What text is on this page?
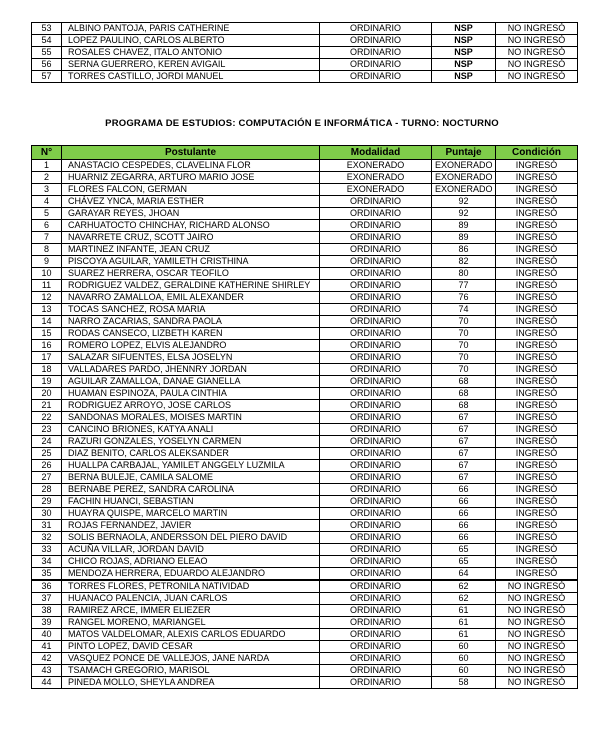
53	ALBINO PANTOJA, PARIS CATHERINE	ORDINARIO	NSP	NO INGRESÓ
54	LOPEZ PAULINO, CARLOS ALBERTO	ORDINARIO	NSP	NO INGRESÓ
55	ROSALES CHAVEZ, ITALO ANTONIO	ORDINARIO	NSP	NO INGRESÓ
56	SERNA GUERRERO, KEREN AVIGAIL	ORDINARIO	NSP	NO INGRESÓ
57	TORRES CASTILLO, JORDI MANUEL	ORDINARIO	NSP	NO INGRESÓ
PROGRAMA DE ESTUDIOS: COMPUTACIÓN E INFORMÁTICA - TURNO: NOCTURNO
N°	Postulante	Modalidad	Puntaje	Condición
1	ANASTACIO CESPEDES, CLAVELINA FLOR	EXONERADO	EXONERADO	INGRESÓ
2	HUARNIZ ZEGARRA, ARTURO MARIO JOSE	EXONERADO	EXONERADO	INGRESÓ
3	FLORES FALCON, GERMAN	EXONERADO	EXONERADO	INGRESÓ
4	CHÁVEZ YNCA, MARIA ESTHER	ORDINARIO	92	INGRESÓ
5	GARAYAR REYES, JHOAN	ORDINARIO	92	INGRESÓ
6	CARHUATOCTO CHINCHAY, RICHARD ALONSO	ORDINARIO	89	INGRESÓ
7	NAVARRETE CRUZ, SCOTT JAIRO	ORDINARIO	89	INGRESÓ
8	MARTINEZ INFANTE, JEAN CRUZ	ORDINARIO	86	INGRESÓ
9	PISCOYA AGUILAR, YAMILETH CRISTHINA	ORDINARIO	82	INGRESÓ
10	SUAREZ HERRERA, OSCAR TEOFILO	ORDINARIO	80	INGRESÓ
11	RODRIGUEZ VALDEZ, GERALDINE KATHERINE SHIRLEY	ORDINARIO	77	INGRESÓ
12	NAVARRO ZAMALLOA, EMIL ALEXANDER	ORDINARIO	76	INGRESÓ
13	TOCAS SANCHEZ, ROSA MARIA	ORDINARIO	74	INGRESÓ
14	NARRO ZACARIAS, SANDRA PAOLA	ORDINARIO	70	INGRESÓ
15	RODAS CANSECO, LIZBETH KAREN	ORDINARIO	70	INGRESÓ
16	ROMERO LOPEZ, ELVIS ALEJANDRO	ORDINARIO	70	INGRESÓ
17	SALAZAR SIFUENTES, ELSA JOSELYN	ORDINARIO	70	INGRESÓ
18	VALLADARES PARDO, JHENNRY JORDAN	ORDINARIO	70	INGRESÓ
19	AGUILAR ZAMALLOA, DANAE GIANELLA	ORDINARIO	68	INGRESÓ
20	HUAMAN ESPINOZA, PAULA CINTHIA	ORDINARIO	68	INGRESÓ
21	RODRIGUEZ ARROYO, JOSE CARLOS	ORDINARIO	68	INGRESÓ
22	SANDONAS MORALES, MOISES MARTIN	ORDINARIO	67	INGRESÓ
23	CANCINO BRIONES, KATYA ANALI	ORDINARIO	67	INGRESÓ
24	RAZURI GONZALES, YOSELYN CARMEN	ORDINARIO	67	INGRESÓ
25	DIAZ BENITO, CARLOS ALEKSANDER	ORDINARIO	67	INGRESÓ
26	HUALLPA CARBAJAL, YAMILET ANGGELY LUZMILA	ORDINARIO	67	INGRESÓ
27	BERNA BULEJE, CAMILA SALOME	ORDINARIO	67	INGRESÓ
28	BERNABE PEREZ, SANDRA CAROLINA	ORDINARIO	66	INGRESÓ
29	FACHIN HUANCI, SEBASTIAN	ORDINARIO	66	INGRESÓ
30	HUAYRA QUISPE, MARCELO MARTIN	ORDINARIO	66	INGRESÓ
31	ROJAS FERNANDEZ, JAVIER	ORDINARIO	66	INGRESÓ
32	SOLIS BERNAOLA, ANDERSSON DEL PIERO DAVID	ORDINARIO	66	INGRESÓ
33	ACUÑA VILLAR, JORDAN DAVID	ORDINARIO	65	INGRESÓ
34	CHICO ROJAS, ADRIANO ELEAO	ORDINARIO	65	INGRESÓ
35	MENDOZA HERRERA, EDUARDO ALEJANDRO	ORDINARIO	64	INGRESÓ
36	TORRES FLORES, PETRONILA NATIVIDAD	ORDINARIO	62	NO INGRESÓ
37	HUANACO PALENCIA, JUAN CARLOS	ORDINARIO	62	NO INGRESÓ
38	RAMIREZ ARCE, IMMER ELIEZER	ORDINARIO	61	NO INGRESÓ
39	RANGEL MORENO, MARIANGEL	ORDINARIO	61	NO INGRESÓ
40	MATOS VALDELOMAR, ALEXIS CARLOS EDUARDO	ORDINARIO	61	NO INGRESÓ
41	PINTO LOPEZ, DAVID CESAR	ORDINARIO	60	NO INGRESÓ
42	VASQUEZ PONCE DE VALLEJOS, JANE NARDA	ORDINARIO	60	NO INGRESÓ
43	TSAMACH GREGORIO, MARISOL	ORDINARIO	60	NO INGRESÓ
44	PINEDA MOLLO, SHEYLA ANDREA	ORDINARIO	58	NO INGRESÓ
